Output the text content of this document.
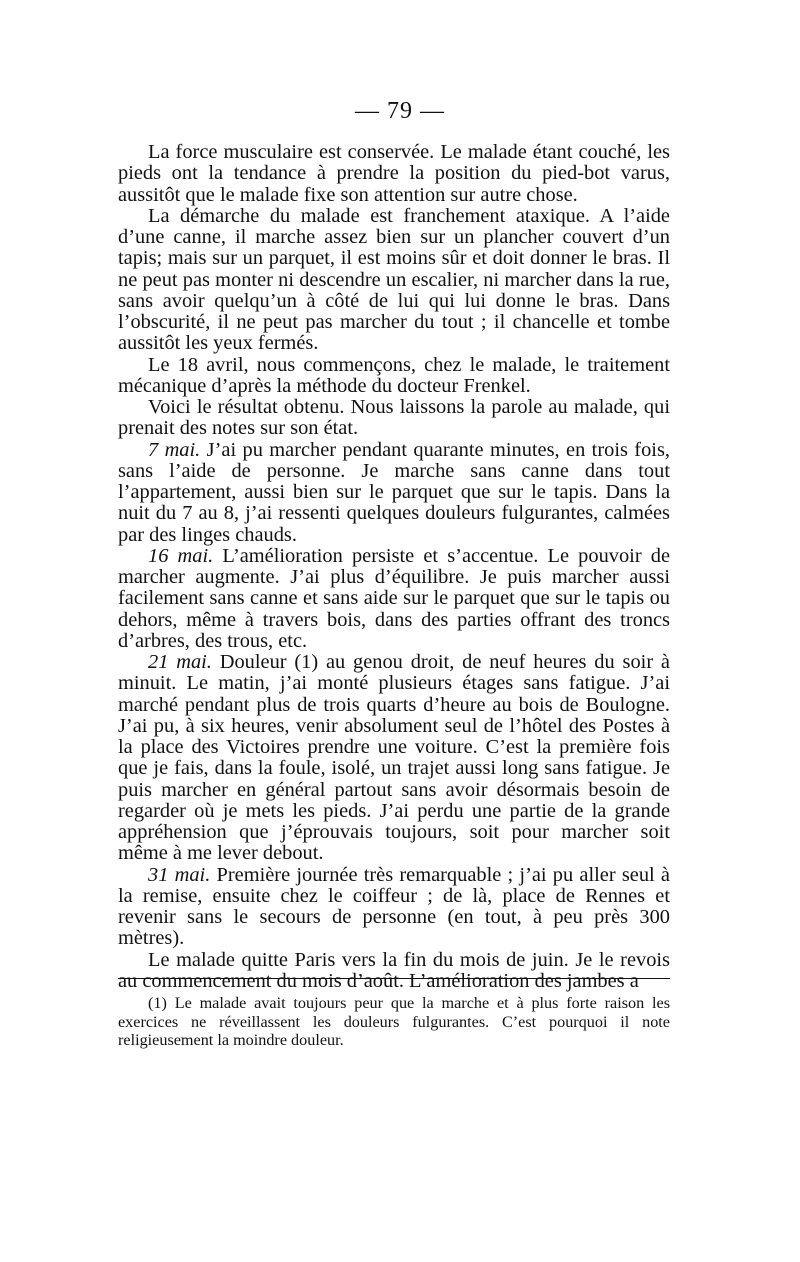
— 79 —

La force musculaire est conservée. Le malade étant couché, les pieds ont la tendance à prendre la position du pied-bot varus, aussitôt que le malade fixe son attention sur autre chose.

La démarche du malade est franchement ataxique. A l’aide d’une canne, il marche assez bien sur un plancher couvert d’un tapis; mais sur un parquet, il est moins sûr et doit donner le bras. Il ne peut pas monter ni descendre un escalier, ni marcher dans la rue, sans avoir quelqu’un à côté de lui qui lui donne le bras. Dans l’obscurité, il ne peut pas marcher du tout ; il chancelle et tombe aussitôt les yeux fermés.

Le 18 avril, nous commençons, chez le malade, le traitement mécanique d’après la méthode du docteur Frenkel.

Voici le résultat obtenu. Nous laissons la parole au malade, qui prenait des notes sur son état.

7 mai. J’ai pu marcher pendant quarante minutes, en trois fois, sans l’aide de personne. Je marche sans canne dans tout l’appartement, aussi bien sur le parquet que sur le tapis. Dans la nuit du 7 au 8, j’ai ressenti quelques douleurs fulgurantes, calmées par des linges chauds.

16 mai. L’amélioration persiste et s’accentue. Le pouvoir de marcher augmente. J’ai plus d’équilibre. Je puis marcher aussi facilement sans canne et sans aide sur le parquet que sur le tapis ou dehors, même à travers bois, dans des parties offrant des troncs d’arbres, des trous, etc.

21 mai. Douleur (1) au genou droit, de neuf heures du soir à minuit. Le matin, j’ai monté plusieurs étages sans fatigue. J’ai marché pendant plus de trois quarts d’heure au bois de Boulogne. J’ai pu, à six heures, venir absolument seul de l’hôtel des Postes à la place des Victoires prendre une voiture. C’est la première fois que je fais, dans la foule, isolé, un trajet aussi long sans fatigue. Je puis marcher en général partout sans avoir désormais besoin de regarder où je mets les pieds. J’ai perdu une partie de la grande appréhension que j’éprouvais toujours, soit pour marcher soit même à me lever debout.

31 mai. Première journée très remarquable ; j’ai pu aller seul à la remise, ensuite chez le coiffeur ; de là, place de Rennes et revenir sans le secours de personne (en tout, à peu près 300 mètres).

Le malade quitte Paris vers la fin du mois de juin. Je le revois au commencement du mois d’août. L’amélioration des jambes a

(1) Le malade avait toujours peur que la marche et à plus forte raison les exercices ne réveillassent les douleurs fulgurantes. C’est pourquoi il note religieusement la moindre douleur.
